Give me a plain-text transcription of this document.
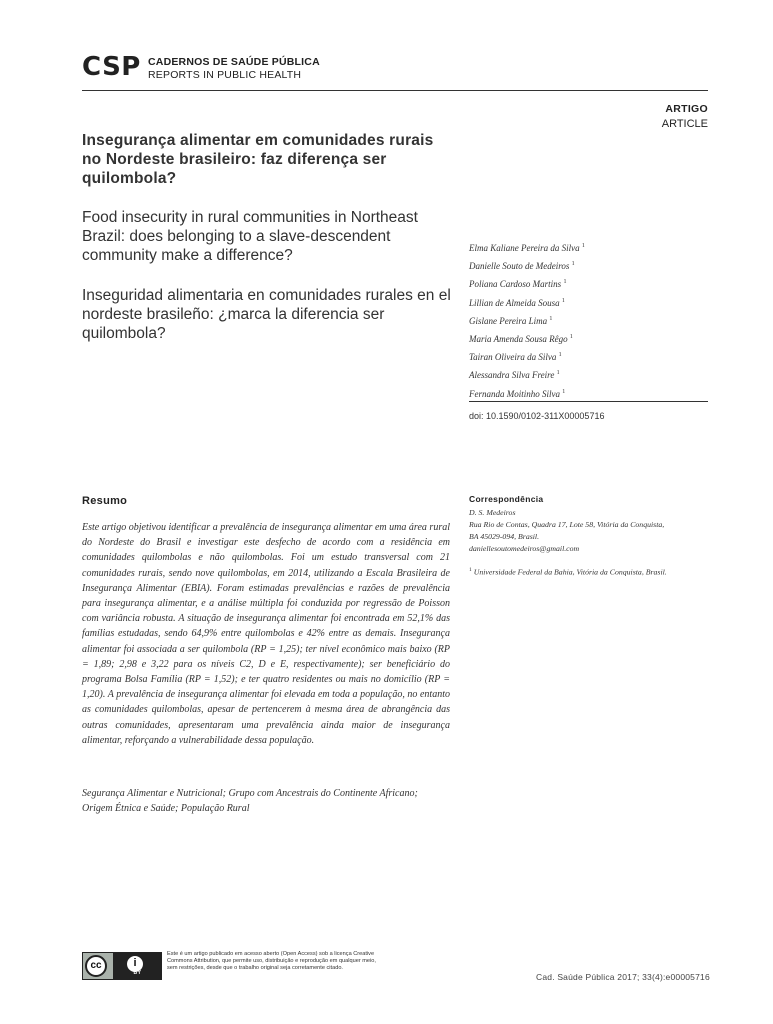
CSP CADERNOS DE SAÚDE PÚBLICA
REPORTS IN PUBLIC HEALTH
ARTIGO
ARTICLE
Insegurança alimentar em comunidades rurais no Nordeste brasileiro: faz diferença ser quilombola?
Food insecurity in rural communities in Northeast Brazil: does belonging to a slave-descendent community make a difference?
Inseguridad alimentaria en comunidades rurales en el nordeste brasileño: ¿marca la diferencia ser quilombola?
Elma Kaliane Pereira da Silva $^1$
Danielle Souto de Medeiros $^1$
Poliana Cardoso Martins $^1$
Lillian de Almeida Sousa $^1$
Gislane Pereira Lima $^1$
Maria Amenda Sousa Rêgo $^1$
Tairan Oliveira da Silva $^1$
Alessandra Silva Freire $^1$
Fernanda Moitinho Silva $^1$
doi: 10.1590/0102-311X00005716
Resumo

Este artigo objetivou identificar a prevalência de insegurança alimentar em uma área rural do Nordeste do Brasil e investigar este desfecho de acordo com a residência em comunidades quilombolas e não quilombolas. Foi um estudo transversal com 21 comunidades rurais, sendo nove quilombolas, em 2014, utilizando a Escala Brasileira de Insegurança Alimentar (EBIA). Foram estimadas prevalências e razões de prevalência para insegurança alimentar, e a análise múltipla foi conduzida por regressão de Poisson com variância robusta. A situação de insegurança alimentar foi encontrada em 52,1% das famílias estudadas, sendo 64,9% entre quilombolas e 42% entre as demais. Insegurança alimentar foi associada a ser quilombola (RP = 1,25); ter nível econômico mais baixo (RP = 1,89; 2,98 e 3,22 para os níveis C2, D e E, respectivamente); ser beneficiário do programa Bolsa Família (RP = 1,52); e ter quatro residentes ou mais no domicílio (RP = 1,20). A prevalência de insegurança alimentar foi elevada em toda a população, no entanto as comunidades quilombolas, apesar de pertencerem à mesma área de abrangência das outras comunidades, apresentaram uma prevalência ainda maior de insegurança alimentar, reforçando a vulnerabilidade dessa população.

Segurança Alimentar e Nutricional; Grupo com Ancestrais do Continente Africano; Origem Étnica e Saúde; População Rural

Correspondência
D. S. Medeiros
Rua Rio de Contas, Quadra 17, Lote 58, Vitória da Conquista,
BA 45029-094, Brasil.
daniellesoutomedeiros@gmail.com
$^1$ Universidade Federal da Bahia, Vitória da Conquista, Brasil.
cc	i
BY
Este é um artigo publicado em acesso aberto (Open Access) sob a licença Creative Commons Attribution, que permite uso, distribuição e reprodução em qualquer meio, sem restrições, desde que o trabalho original seja corretamente citado.
Cad. Saúde Pública 2017; 33(4):e00005716
